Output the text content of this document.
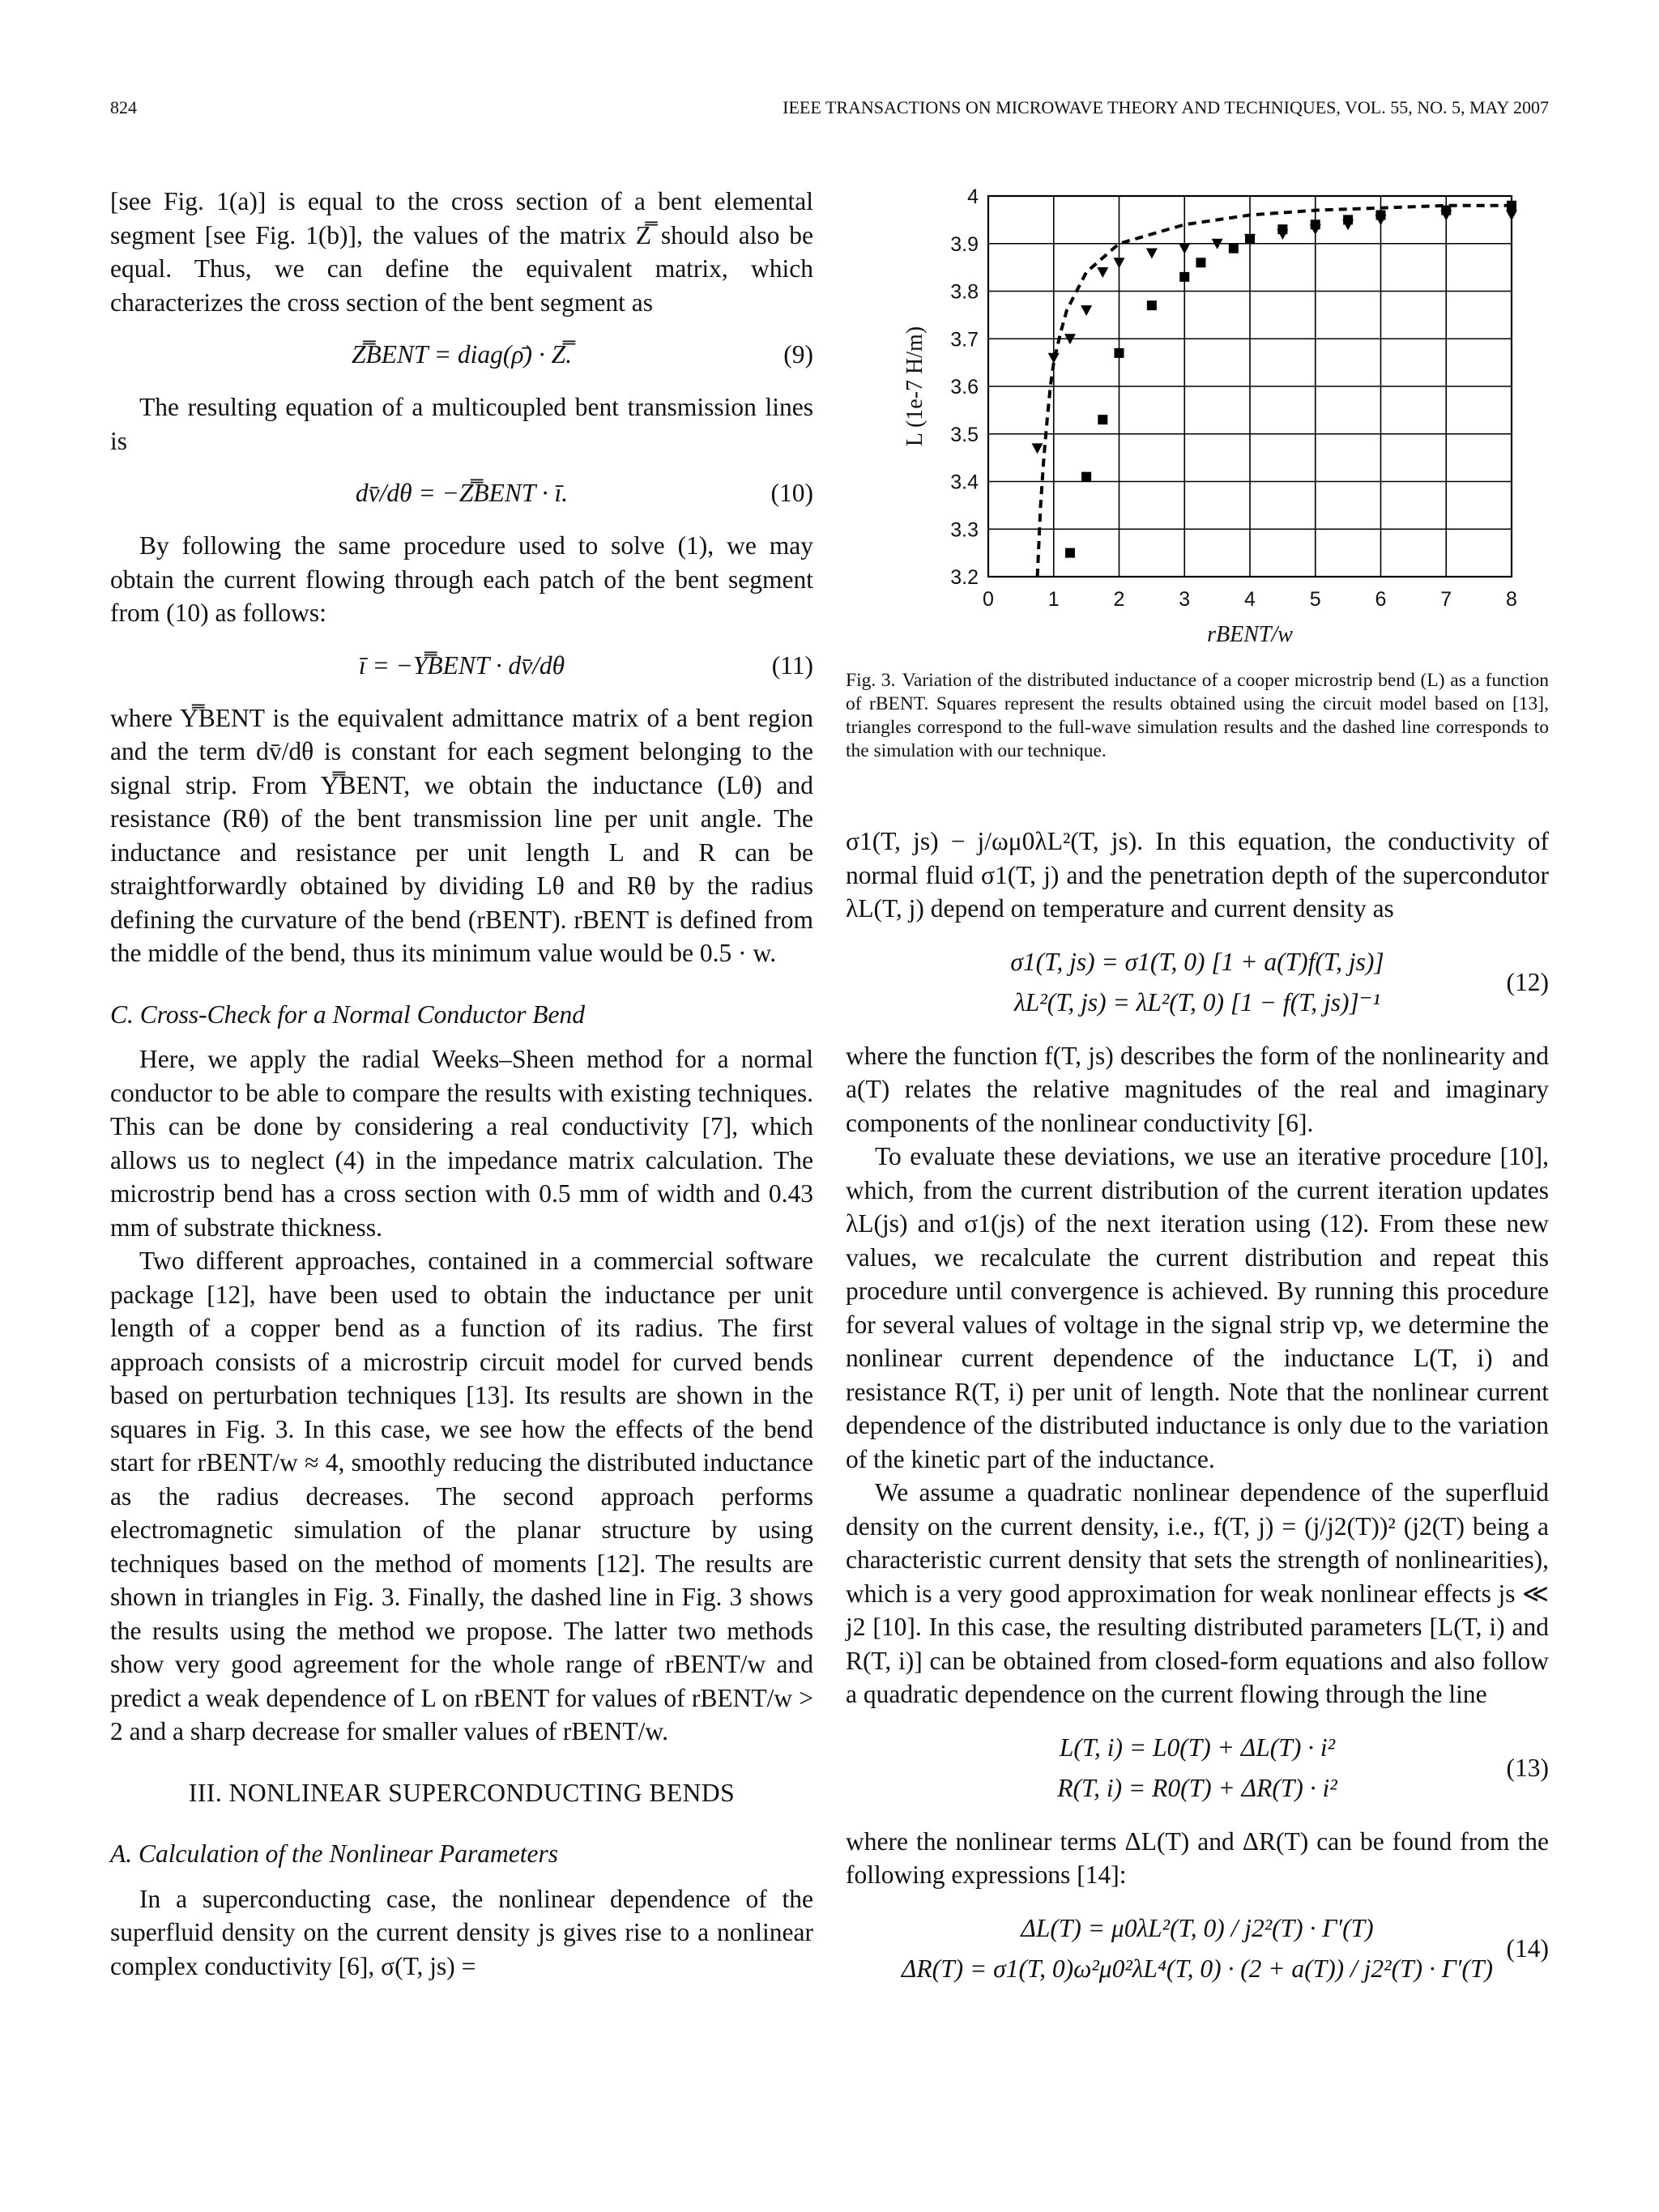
824	IEEE TRANSACTIONS ON MICROWAVE THEORY AND TECHNIQUES, VOL. 55, NO. 5, MAY 2007

[see Fig. 1(a)] is equal to the cross section of a bent elemental segment [see Fig. 1(b)], the values of the matrix Z̿ should also be equal. Thus, we can define the equivalent matrix, which characterizes the cross section of the bent segment as

Z̿BENT = diag(ρ̄) · Z̿.	(9)

The resulting equation of a multicoupled bent transmission lines is

dv̄/dθ = −Z̿BENT · ī.	(10)

By following the same procedure used to solve (1), we may obtain the current flowing through each patch of the bent segment from (10) as follows:

ī = −Y̿BENT · dv̄/dθ	(11)

where Y̿BENT is the equivalent admittance matrix of a bent region and the term dv̄/dθ is constant for each segment belonging to the signal strip. From Y̿BENT, we obtain the inductance (Lθ) and resistance (Rθ) of the bent transmission line per unit angle. The inductance and resistance per unit length L and R can be straightforwardly obtained by dividing Lθ and Rθ by the radius defining the curvature of the bend (rBENT). rBENT is defined from the middle of the bend, thus its minimum value would be 0.5 · w.

C. Cross-Check for a Normal Conductor Bend

Here, we apply the radial Weeks–Sheen method for a normal conductor to be able to compare the results with existing techniques. This can be done by considering a real conductivity [7], which allows us to neglect (4) in the impedance matrix calculation. The microstrip bend has a cross section with 0.5 mm of width and 0.43 mm of substrate thickness.

Two different approaches, contained in a commercial software package [12], have been used to obtain the inductance per unit length of a copper bend as a function of its radius. The first approach consists of a microstrip circuit model for curved bends based on perturbation techniques [13]. Its results are shown in the squares in Fig. 3. In this case, we see how the effects of the bend start for rBENT/w ≈ 4, smoothly reducing the distributed inductance as the radius decreases. The second approach performs electromagnetic simulation of the planar structure by using techniques based on the method of moments [12]. The results are shown in triangles in Fig. 3. Finally, the dashed line in Fig. 3 shows the results using the method we propose. The latter two methods show very good agreement for the whole range of rBENT/w and predict a weak dependence of L on rBENT for values of rBENT/w > 2 and a sharp decrease for smaller values of rBENT/w.

III. NONLINEAR SUPERCONDUCTING BENDS
A. Calculation of the Nonlinear Parameters

In a superconducting case, the nonlinear dependence of the superfluid density on the current density js gives rise to a nonlinear complex conductivity [6], σ(T, js) =

0	1	2	3	4	5	6	7	8
3.2
3.3
3.4
3.5
3.6
3.7
3.8
3.9
4
rBENT/w
L (1e-7 H/m)
Fig. 3. Variation of the distributed inductance of a cooper microstrip bend (L) as a function of rBENT. Squares represent the results obtained using the circuit model based on [13], triangles correspond to the full-wave simulation results and the dashed line corresponds to the simulation with our technique.

σ1(T, js) − j/ωμ0λL²(T, js). In this equation, the conductivity of normal fluid σ1(T, j) and the penetration depth of the supercondutor λL(T, j) depend on temperature and current density as

σ1(T, js) = σ1(T, 0) [1 + a(T)f(T, js)]
λL²(T, js) = λL²(T, 0) [1 − f(T, js)]⁻¹
(12)

where the function f(T, js) describes the form of the nonlinearity and a(T) relates the relative magnitudes of the real and imaginary components of the nonlinear conductivity [6].

To evaluate these deviations, we use an iterative procedure [10], which, from the current distribution of the current iteration updates λL(js) and σ1(js) of the next iteration using (12). From these new values, we recalculate the current distribution and repeat this procedure until convergence is achieved. By running this procedure for several values of voltage in the signal strip vp, we determine the nonlinear current dependence of the inductance L(T, i) and resistance R(T, i) per unit of length. Note that the nonlinear current dependence of the distributed inductance is only due to the variation of the kinetic part of the inductance.

We assume a quadratic nonlinear dependence of the superfluid density on the current density, i.e., f(T, j) = (j/j2(T))² (j2(T) being a characteristic current density that sets the strength of nonlinearities), which is a very good approximation for weak nonlinear effects js ≪ j2 [10]. In this case, the resulting distributed parameters [L(T, i) and R(T, i)] can be obtained from closed-form equations and also follow a quadratic dependence on the current flowing through the line

L(T, i) = L0(T) + ΔL(T) · i²
R(T, i) = R0(T) + ΔR(T) · i²
(13)

where the nonlinear terms ΔL(T) and ΔR(T) can be found from the following expressions [14]:

ΔL(T) = μ0λL²(T, 0) / j2²(T) · Γ′(T)
ΔR(T) = σ1(T, 0)ω²μ0²λL⁴(T, 0) · (2 + a(T)) / j2²(T) · Γ′(T)
(14)
